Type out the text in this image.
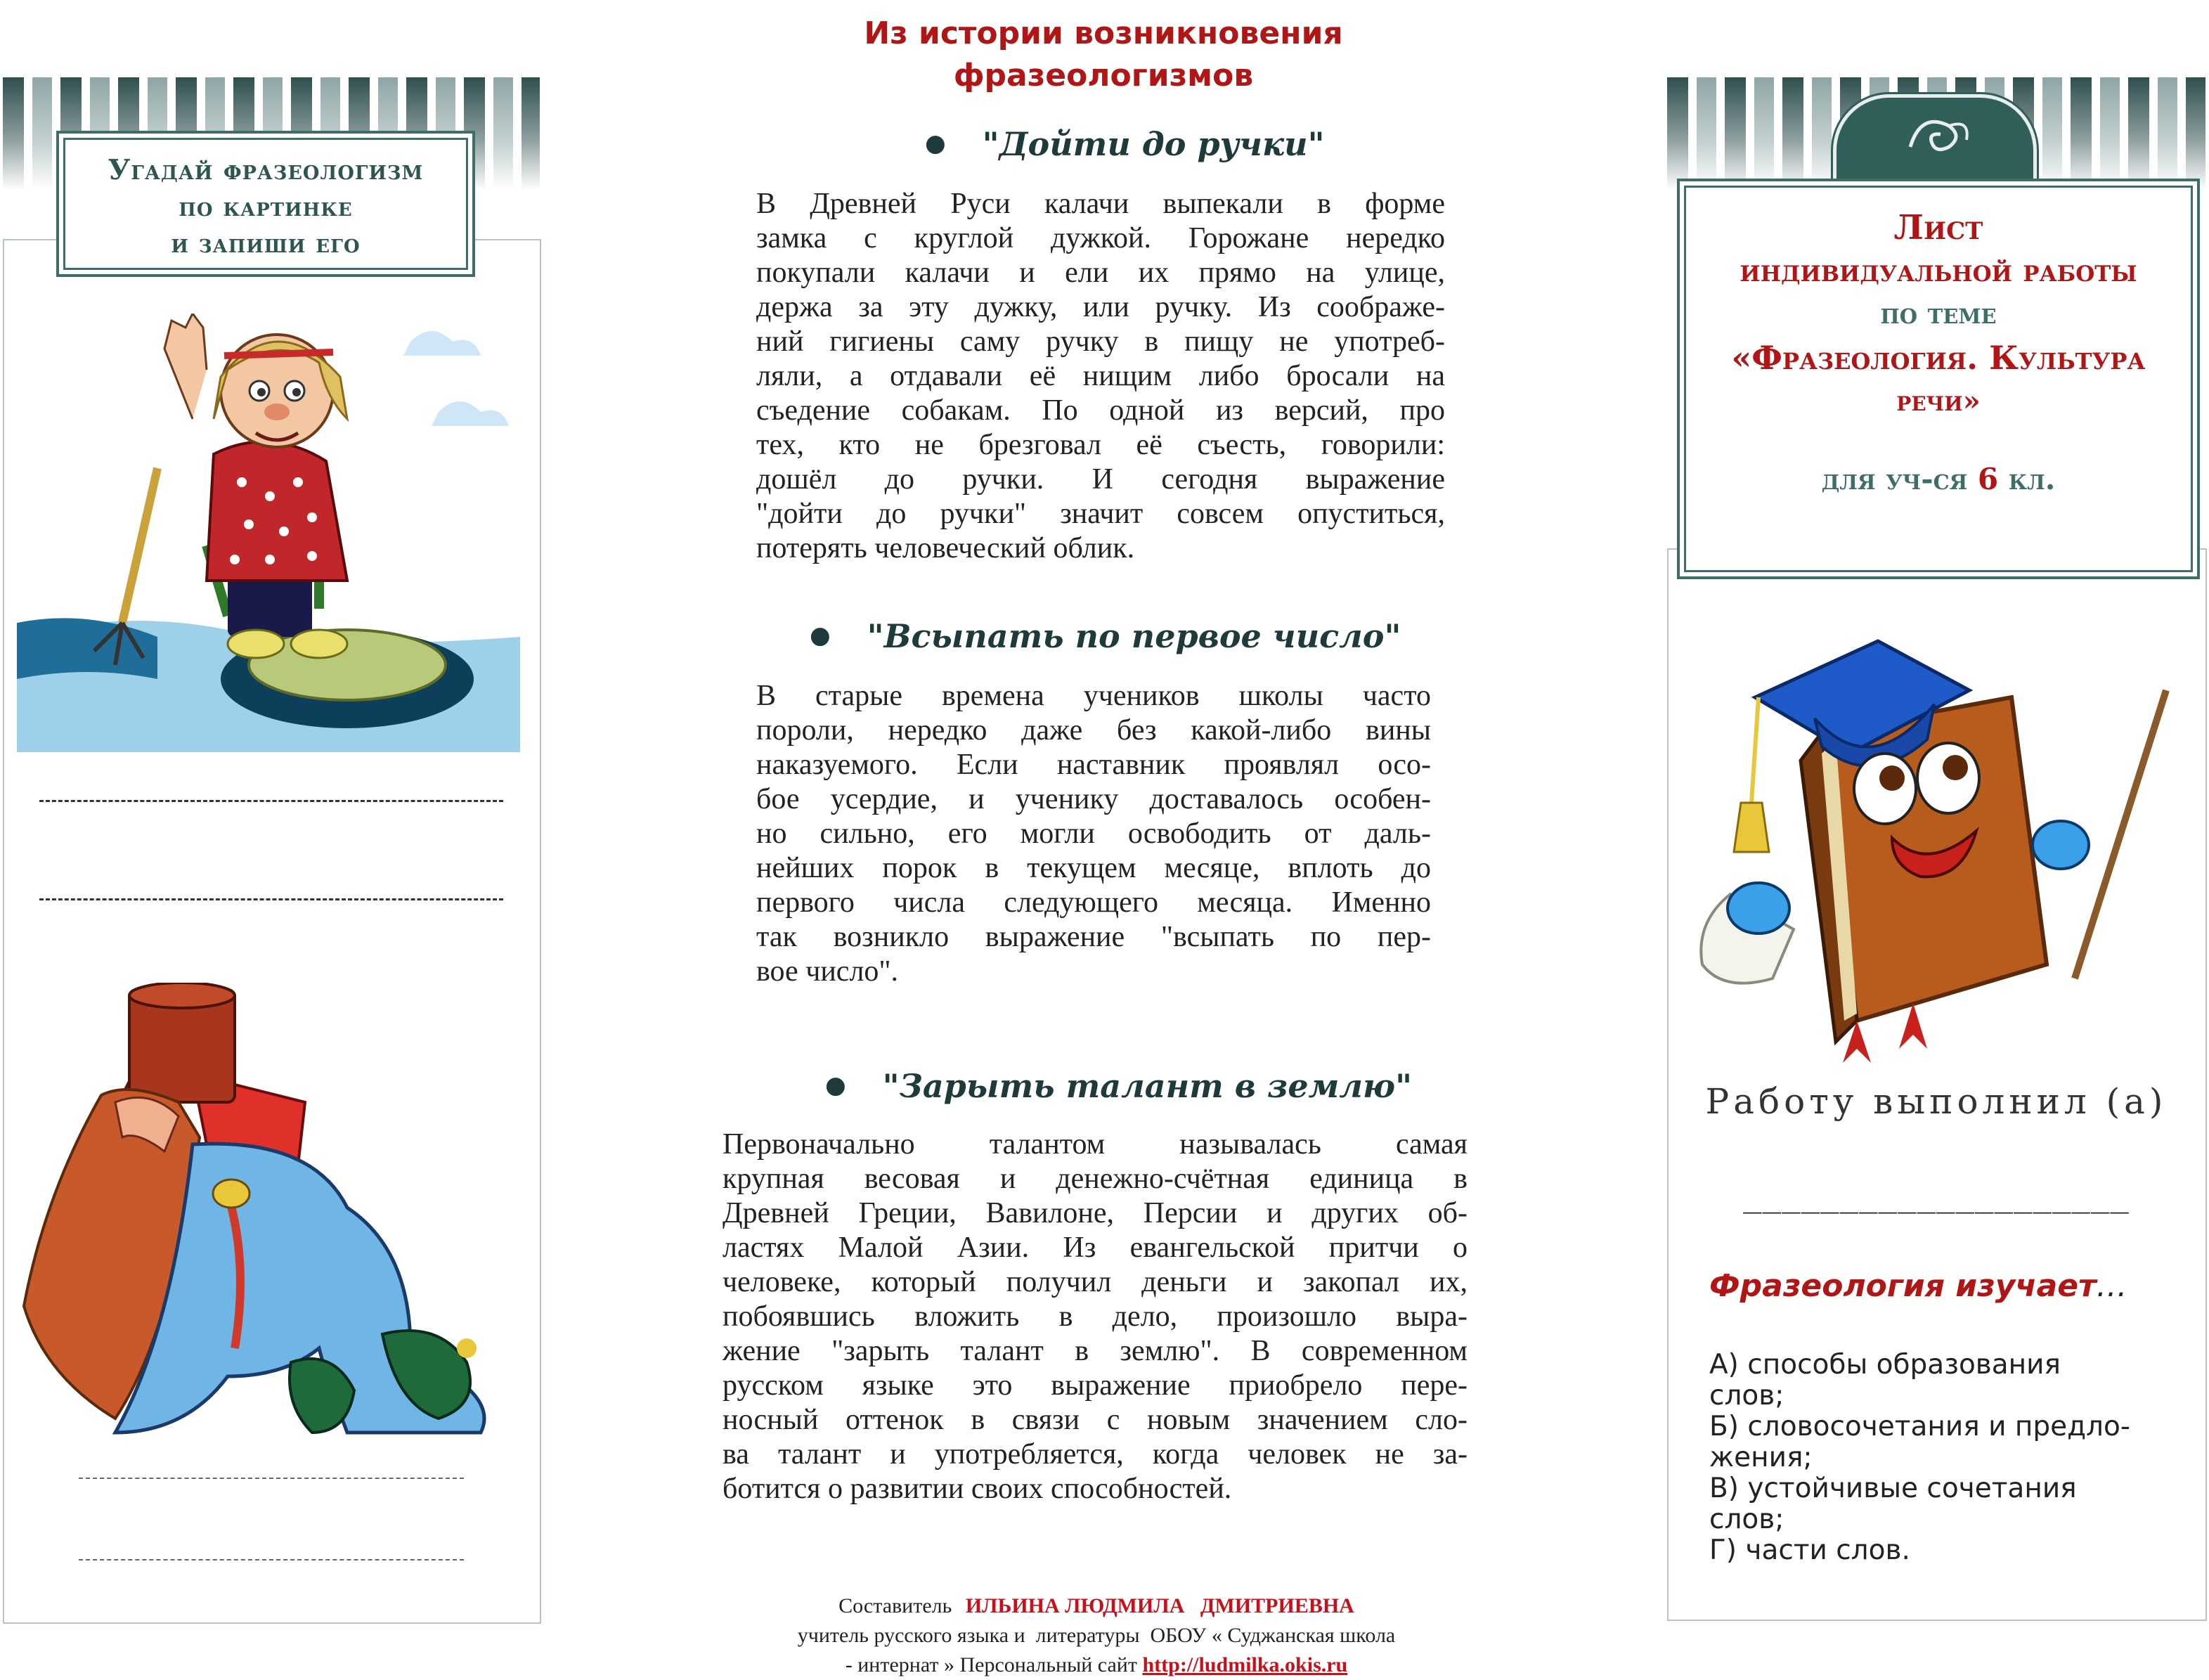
Угадай фразеологизм
по картинке
и запиши его
Из истории возникновения
фразеологизмов
● "Дойти до ручки"
В Древней Руси калачи выпекали в форме
замка с круглой дужкой. Горожане нередко
покупали калачи и ели их прямо на улице,
держа за эту дужку, или ручку. Из соображе-
ний гигиены саму ручку в пищу не употреб-
ляли, а отдавали её нищим либо бросали на
съедение собакам. По одной из версий, про
тех, кто не брезговал её съесть, говорили:
дошёл до ручки. И сегодня выражение
"дойти до ручки" значит совсем опуститься,
потерять человеческий облик.
● "Всыпать по первое число"
В старые времена учеников школы часто
пороли, нередко даже без какой-либо вины
наказуемого. Если наставник проявлял осо-
бое усердие, и ученику доставалось особен-
но сильно, его могли освободить от даль-
нейших порок в текущем месяце, вплоть до
первого числа следующего месяца. Именно
так возникло выражение "всыпать по пер-
вое число".
● "Зарыть талант в землю"
Первоначально талантом называлась самая
крупная весовая и денежно-счётная единица в
Древней Греции, Вавилоне, Персии и других об-
ластях Малой Азии. Из евангельской притчи о
человеке, который получил деньги и закопал их,
побоявшись вложить в дело, произошло выра-
жение "зарыть талант в землю". В современном
русском языке это выражение приобрело пере-
носный оттенок в связи с новым значением сло-
ва талант и употребляется, когда человек не за-
ботится о развитии своих способностей.
Составитель ИЛЬИНА ЛЮДМИЛА   ДМИТРИЕВНА
учитель русского языка и  литературы  ОБОУ « Суджанская школа
- интернат » Персональный сайт http://ludmilka.okis.ru
Лист
индивидуальной работы
по теме
«Фразеология. Культура
речи»
для уч-ся 6 кл.
Работу выполнил (а)
____________________
Фразеология изучает…
А) способы образования
слов;
Б) словосочетания и предло-
жения;
В) устойчивые сочетания
слов;
Г) части слов.
